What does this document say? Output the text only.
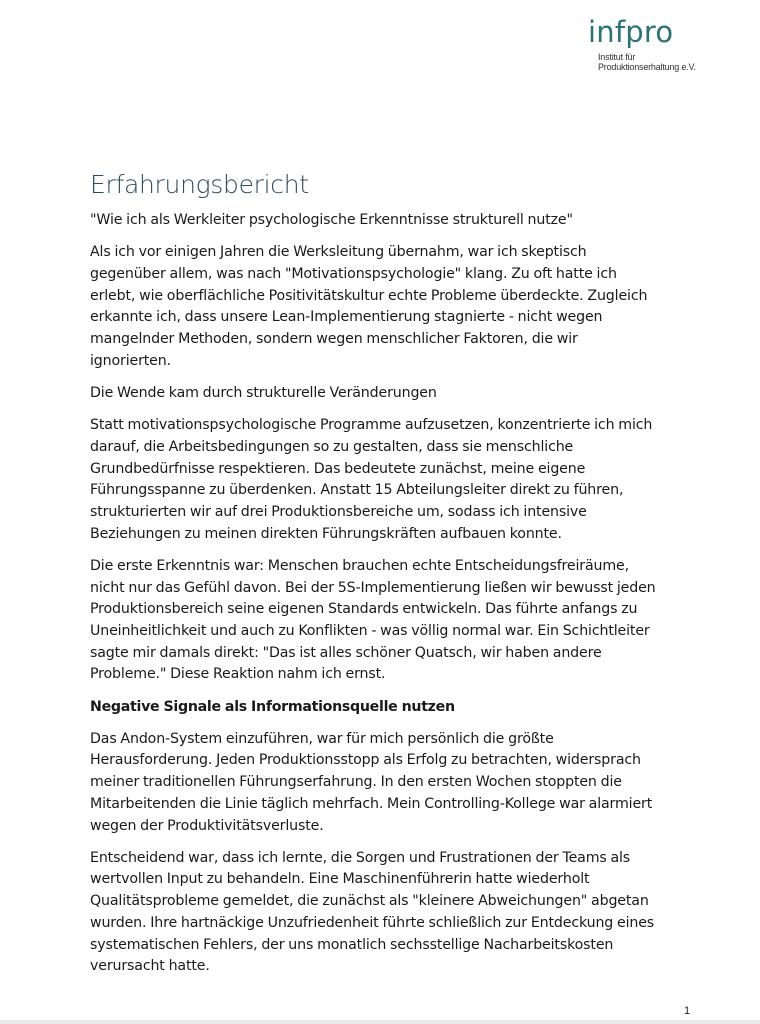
infpro
Institut für
Produktionserhaltung e.V.
Erfahrungsbericht

"Wie ich als Werkleiter psychologische Erkenntnisse strukturell nutze"

Als ich vor einigen Jahren die Werksleitung übernahm, war ich skeptisch gegenüber allem, was nach "Motivationspsychologie" klang. Zu oft hatte ich erlebt, wie oberflächliche Positivitätskultur echte Probleme überdeckte. Zugleich erkannte ich, dass unsere Lean-Implementierung stagnierte - nicht wegen mangelnder Methoden, sondern wegen menschlicher Faktoren, die wir ignorierten.

Die Wende kam durch strukturelle Veränderungen

Statt motivationspsychologische Programme aufzusetzen, konzentrierte ich mich darauf, die Arbeitsbedingungen so zu gestalten, dass sie menschliche Grundbedürfnisse respektieren. Das bedeutete zunächst, meine eigene Führungsspanne zu überdenken. Anstatt 15 Abteilungsleiter direkt zu führen, strukturierten wir auf drei Produktionsbereiche um, sodass ich intensive Beziehungen zu meinen direkten Führungskräften aufbauen konnte.

Die erste Erkenntnis war: Menschen brauchen echte Entscheidungsfreiräume, nicht nur das Gefühl davon. Bei der 5S-Implementierung ließen wir bewusst jeden Produktionsbereich seine eigenen Standards entwickeln. Das führte anfangs zu Uneinheitlichkeit und auch zu Konflikten - was völlig normal war. Ein Schichtleiter sagte mir damals direkt: "Das ist alles schöner Quatsch, wir haben andere Probleme." Diese Reaktion nahm ich ernst.

Negative Signale als Informationsquelle nutzen

Das Andon-System einzuführen, war für mich persönlich die größte Herausforderung. Jeden Produktionsstopp als Erfolg zu betrachten, widersprach meiner traditionellen Führungserfahrung. In den ersten Wochen stoppten die Mitarbeitenden die Linie täglich mehrfach. Mein Controlling-Kollege war alarmiert wegen der Produktivitätsverluste.

Entscheidend war, dass ich lernte, die Sorgen und Frustrationen der Teams als wertvollen Input zu behandeln. Eine Maschinenführerin hatte wiederholt Qualitätsprobleme gemeldet, die zunächst als "kleinere Abweichungen" abgetan wurden. Ihre hartnäckige Unzufriedenheit führte schließlich zur Entdeckung eines systematischen Fehlers, der uns monatlich sechsstellige Nacharbeitskosten verursacht hatte.

1
